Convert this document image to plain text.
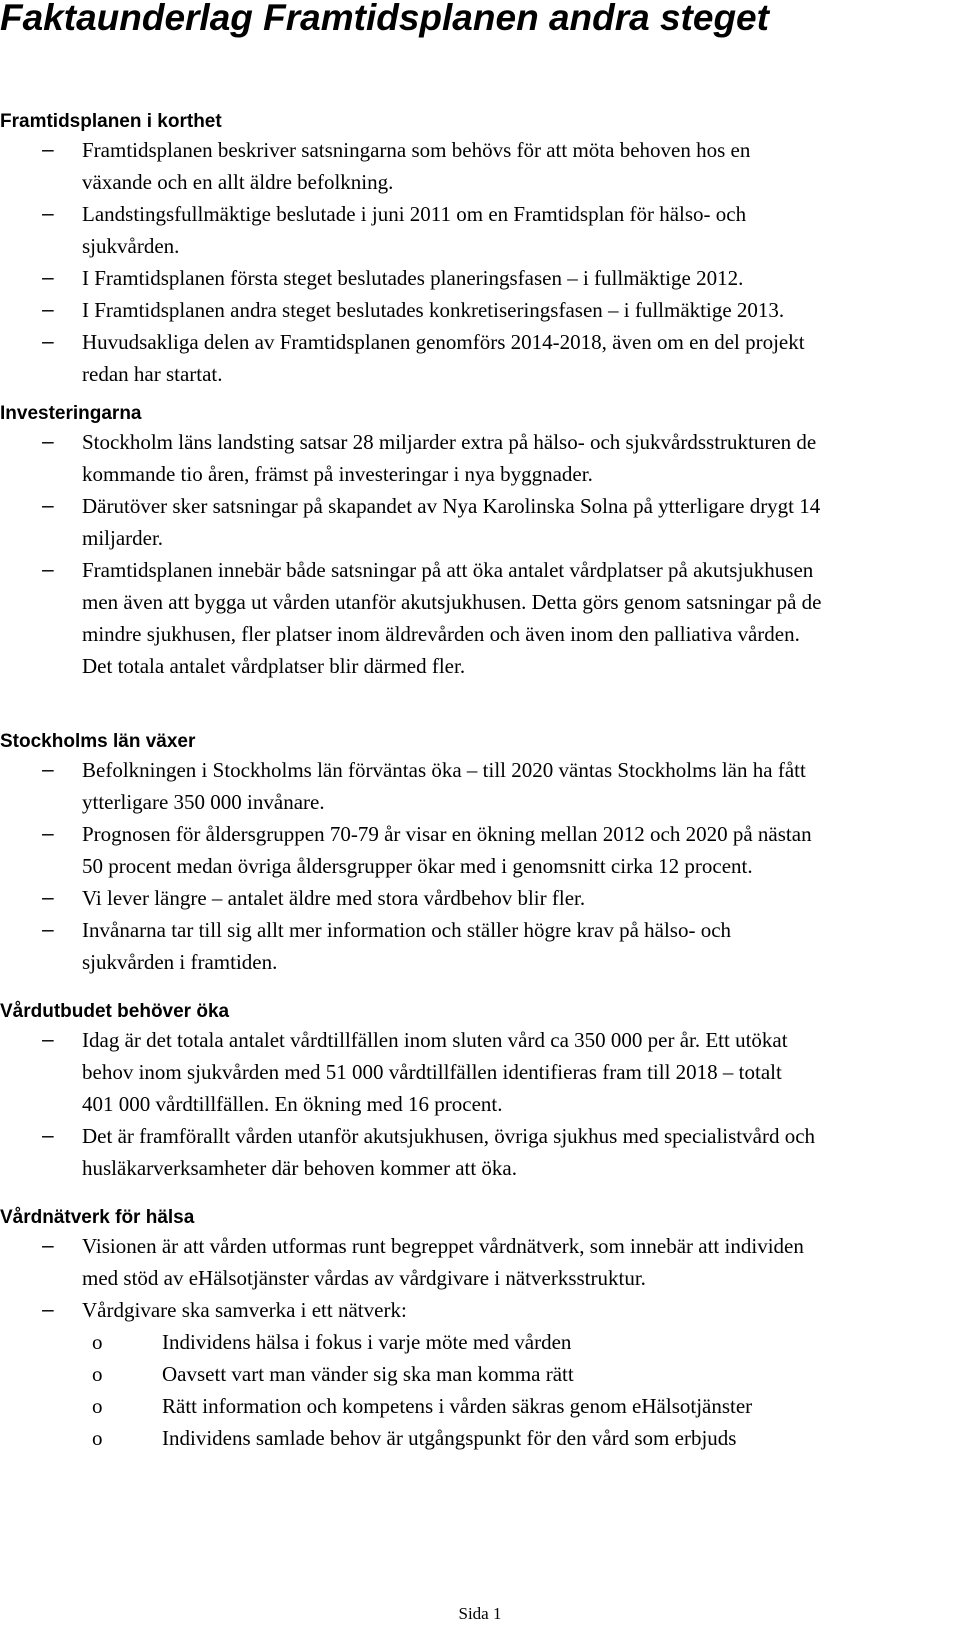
Faktaunderlag Framtidsplanen andra steget
Framtidsplanen i korthet
– Framtidsplanen beskriver satsningarna som behövs för att möta behoven hos en
växande och en allt äldre befolkning.
– Landstingsfullmäktige beslutade i juni 2011 om en Framtidsplan för hälso- och
sjukvården.
– I Framtidsplanen första steget beslutades planeringsfasen – i fullmäktige 2012.
– I Framtidsplanen andra steget beslutades konkretiseringsfasen – i fullmäktige 2013.
– Huvudsakliga delen av Framtidsplanen genomförs 2014-2018, även om en del projekt
redan har startat.
Investeringarna
– Stockholm läns landsting satsar 28 miljarder extra på hälso- och sjukvårdsstrukturen de
kommande tio åren, främst på investeringar i nya byggnader.
– Därutöver sker satsningar på skapandet av Nya Karolinska Solna på ytterligare drygt 14
miljarder.
– Framtidsplanen innebär både satsningar på att öka antalet vårdplatser på akutsjukhusen
men även att bygga ut vården utanför akutsjukhusen. Detta görs genom satsningar på de
mindre sjukhusen, fler platser inom äldrevården och även inom den palliativa vården.
Det totala antalet vårdplatser blir därmed fler.
Stockholms län växer
– Befolkningen i Stockholms län förväntas öka – till 2020 väntas Stockholms län ha fått
ytterligare 350 000 invånare.
– Prognosen för åldersgruppen 70-79 år visar en ökning mellan 2012 och 2020 på nästan
50 procent medan övriga åldersgrupper ökar med i genomsnitt cirka 12 procent.
– Vi lever längre – antalet äldre med stora vårdbehov blir fler.
– Invånarna tar till sig allt mer information och ställer högre krav på hälso- och
sjukvården i framtiden.
Vårdutbudet behöver öka
– Idag är det totala antalet vårdtillfällen inom sluten vård ca 350 000 per år. Ett utökat
behov inom sjukvården med 51 000 vårdtillfällen identifieras fram till 2018 – totalt
401 000 vårdtillfällen. En ökning med 16 procent.
– Det är framförallt vården utanför akutsjukhusen, övriga sjukhus med specialistvård och
husläkarverksamheter där behoven kommer att öka.
Vårdnätverk för hälsa
– Visionen är att vården utformas runt begreppet vårdnätverk, som innebär att individen
med stöd av eHälsotjänster vårdas av vårdgivare i nätverksstruktur.
– Vårdgivare ska samverka i ett nätverk:
o	Individens hälsa i fokus i varje möte med vården
o	Oavsett vart man vänder sig ska man komma rätt
o	Rätt information och kompetens i vården säkras genom eHälsotjänster
o	Individens samlade behov är utgångspunkt för den vård som erbjuds
Sida 1
